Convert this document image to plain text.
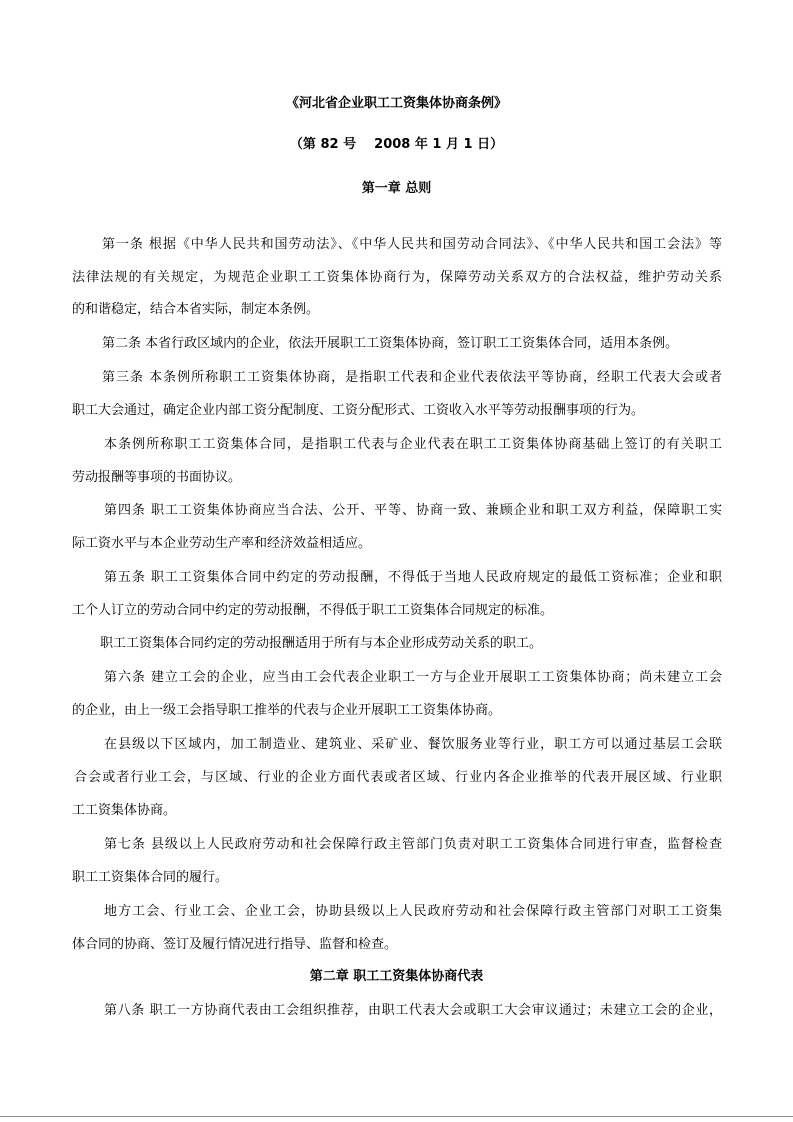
《河北省企业职工工资集体协商条例》

（第 82 号    2008 年 1 月 1 日）

第一章 总则

第一条 根据《中华人民共和国劳动法》、《中华人民共和国劳动合同法》、《中华人民共和国工会法》等

法律法规的有关规定，为规范企业职工工资集体协商行为，保障劳动关系双方的合法权益，维护劳动关系

的和谐稳定，结合本省实际，制定本条例。

第二条 本省行政区域内的企业，依法开展职工工资集体协商，签订职工工资集体合同，适用本条例。

第三条 本条例所称职工工资集体协商，是指职工代表和企业代表依法平等协商，经职工代表大会或者

职工大会通过，确定企业内部工资分配制度、工资分配形式、工资收入水平等劳动报酬事项的行为。

本条例所称职工工资集体合同，是指职工代表与企业代表在职工工资集体协商基础上签订的有关职工

劳动报酬等事项的书面协议。

第四条 职工工资集体协商应当合法、公开、平等、协商一致、兼顾企业和职工双方利益，保障职工实

际工资水平与本企业劳动生产率和经济效益相适应。

第五条 职工工资集体合同中约定的劳动报酬，不得低于当地人民政府规定的最低工资标准；企业和职

工个人订立的劳动合同中约定的劳动报酬，不得低于职工工资集体合同规定的标准。

职工工资集体合同约定的劳动报酬适用于所有与本企业形成劳动关系的职工。

第六条 建立工会的企业，应当由工会代表企业职工一方与企业开展职工工资集体协商；尚未建立工会

的企业，由上一级工会指导职工推举的代表与企业开展职工工资集体协商。

在县级以下区域内，加工制造业、建筑业、采矿业、餐饮服务业等行业，职工方可以通过基层工会联

合会或者行业工会，与区域、行业的企业方面代表或者区域、行业内各企业推举的代表开展区域、行业职

工工资集体协商。

第七条 县级以上人民政府劳动和社会保障行政主管部门负责对职工工资集体合同进行审查，监督检查

职工工资集体合同的履行。

地方工会、行业工会、企业工会，协助县级以上人民政府劳动和社会保障行政主管部门对职工工资集

体合同的协商、签订及履行情况进行指导、监督和检查。

第二章 职工工资集体协商代表

第八条 职工一方协商代表由工会组织推荐，由职工代表大会或职工大会审议通过；未建立工会的企业，
